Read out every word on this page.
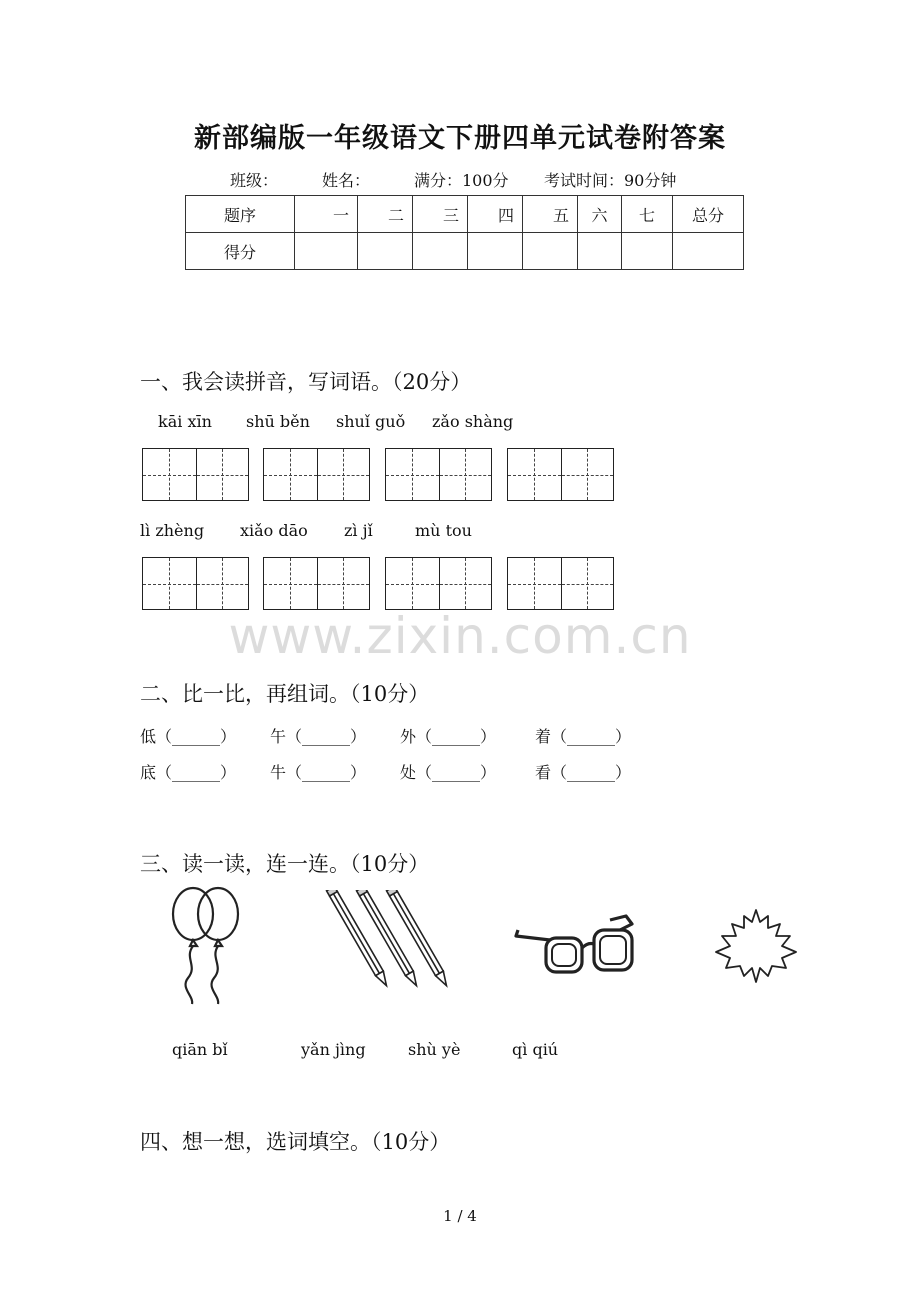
新部编版一年级语文下册四单元试卷附答案
班级：	姓名：	满分：100分 考试时间：90分钟
题序	一	二	三	四	五	六	七	总分
得分								
一、我会读拼音，写词语。（20分）
kāi xīn shū běn shuǐ guǒ zǎo shàng
lì zhèng xiǎo dāo zì jǐ	mù tou
www.zixin.com.cn
二、比一比，再组词。（10分）
低（______） 午（______） 外（______） 着（______）
底（______） 牛（______） 处（______） 看（______）
三、读一读，连一连。（10分）
qiān bǐ	yǎn jìng	shù yè	qì qiú
四、想一想，选词填空。（10分）
1 / 4
